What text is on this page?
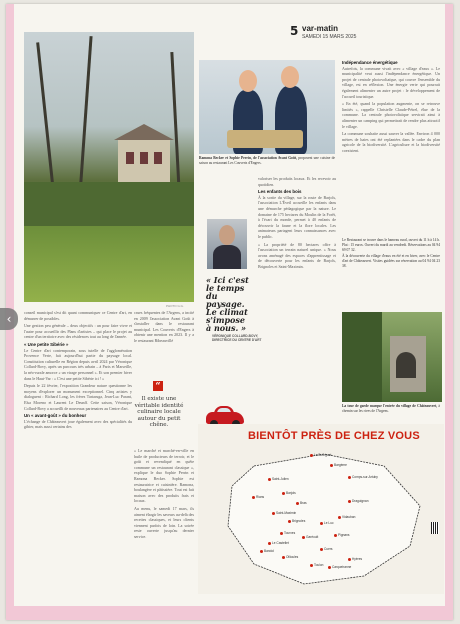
5 var-matin
SAMEDI 15 MARS 2025
PHOTO G.G.
Ramona Becker et Sophie Perrin, de l'association Avant Goût, proposent une cuisine de saison au restaurant Les Couverts d'Engers.

valoriser les produits locaux. Et les recevoir au quotidien.

Les enfants des bois

À la sortie du village, sur la route de Barjols, l'association L'Éveil accueille les enfants dans une démarche pédagogique par la nature. Le domaine de 175 hectares du Moulin de la Forêt, à l'écart du monde, permet à 40 enfants de découvrir la faune et la flore locales. Les animateurs partagent leurs connaissances avec le public.

« La propriété de 80 hectares offre à l'association un terrain naturel unique. » Nous avons aménagé des espaces d'apprentissage et de découverte pour les enfants de Barjols, Brignoles et Saint-Maximin.

Indépendance énergétique

Autrefois, la commune vivait avec « village d'eaux ». Le municipalité veut aussi l'indépendance énergétique. Un projet de centrale photovoltaïque, qui couvre l'ensemble du village, est en réflexion. Une énergie verte qui pourrait également alimenter un autre projet : le développement de l'accueil touristique.

« En été, quand la population augmente, on se retrouve limités », rappelle Christelle Claude-Pétrel, élue de la commune. La centrale photovoltaïque servirait ainsi à alimenter un camping qui permettrait de rendre plus attractif le village.

La commune souhaite aussi sauver la vallée. Environ 4 000 mètres de haies ont été replantées dans le cadre du plan agricole de la biodiversité. L'agriculture et la biodiversité coexistent.

Le Restaurant se trouve dans le hameau rural, ouvert du 11 h à 14 h. Plat : 15 euros. Ouvert du mardi au vendredi. Réservations au 04 94 69 07 32.

À la découverte du village d'eaux en été et en hiver, avec le Centre d'art de Châteauvert. Visites guidées sur réservation au 04 94 04 23 38.

« Ici c'est le temps du paysage. Le climat s'impose à nous. »
VÉRONIQUE COLLARD-BOVY, DIRECTRICE DU CENTRE D'ART

conseil municipal s'est dit quant communiquer ce Centre d'art, en démarrer de possibles.

Une gestion peu générale – deux objectifs : un pour faire vivre et l'autre pour accueillir des Plans d'artistes – qui place le projet au centre d'un territoire avec des résidences tout au long de l'année.

« Une petite Sibérie »

Le Centre d'art contemporain, sous tutelle de l'agglomération Provence Verte, fait aujourd'hui partie du paysage local. Constitution culturelle en Région depuis avril 2024 par Véronique Collard-Bovy, après un parcours très urbain – à Paris et Marseille, la néo-rurale amorce « un virage personnel ». Et son premier hiver dans le Haut-Var : « C'est une petite Sibérie ici ! »

Depuis le 22 février, l'exposition Grandeur nature questionne les moyens d'explorer un monument exceptionnel. Cinq artistes y dialoguent : Richard Long, les frères Tartaruga, Jean-Luc Parant, Elsa Moreno et Laurent Le Deunff. Cette saison, Véronique Collard-Bovy a accueilli de nouveaux partenaires au Centre d'art.

Un « avant-goût » du bonheur

L'échange de Châteauvert joue également avec des spécialités du gibier, mais aussi certains des

crues fréquentes de l'Argens, a incité en 2009 l'association Avant Goût à s'installer dans le restaurant municipal. Les Couverts d'Engers à obtenir une mention en 2023. Il y a le restaurant Ribeauvillé

“
Il existe une véritable identité culinaire locale autour du petit chêne.

« Le marché et marché-en-ville en huile de producteurs de terroir, et le goût et revendiqué en quête commune un restaurant classique », explique le duo Sophie Perrin et Ramona Becker. Sophie est restauratrice et cuisinière. Ramona, boulangère et pâtissière. Tout est fait maison avec des produits frais et locaux.

Au menu, le samedi 17 mars, ils aiment élargir les saveurs au-delà des recettes classiques, et leurs clients viennent parfois de loin. La soirée reste ouverte jusqu'au dernier service.

La tour de garde marque l'entrée du village de Châteauvert, à chemin sur les rives de l'Argens.
BIENTÔT PRÈS DE CHEZ VOUS
Le Bourguet
Bargème
Comps-sur-Artuby
Saint-Julien
Rians
Barjols
Bras
Saint-Maximin
Brignoles
Draguignan
Vidauban
Le Luc
Tourves
Garéoult
Cuers
Pignans
Hyères
Toulon	Carqueiranne
Bandol
Ollioules
Le Castellet
‹
